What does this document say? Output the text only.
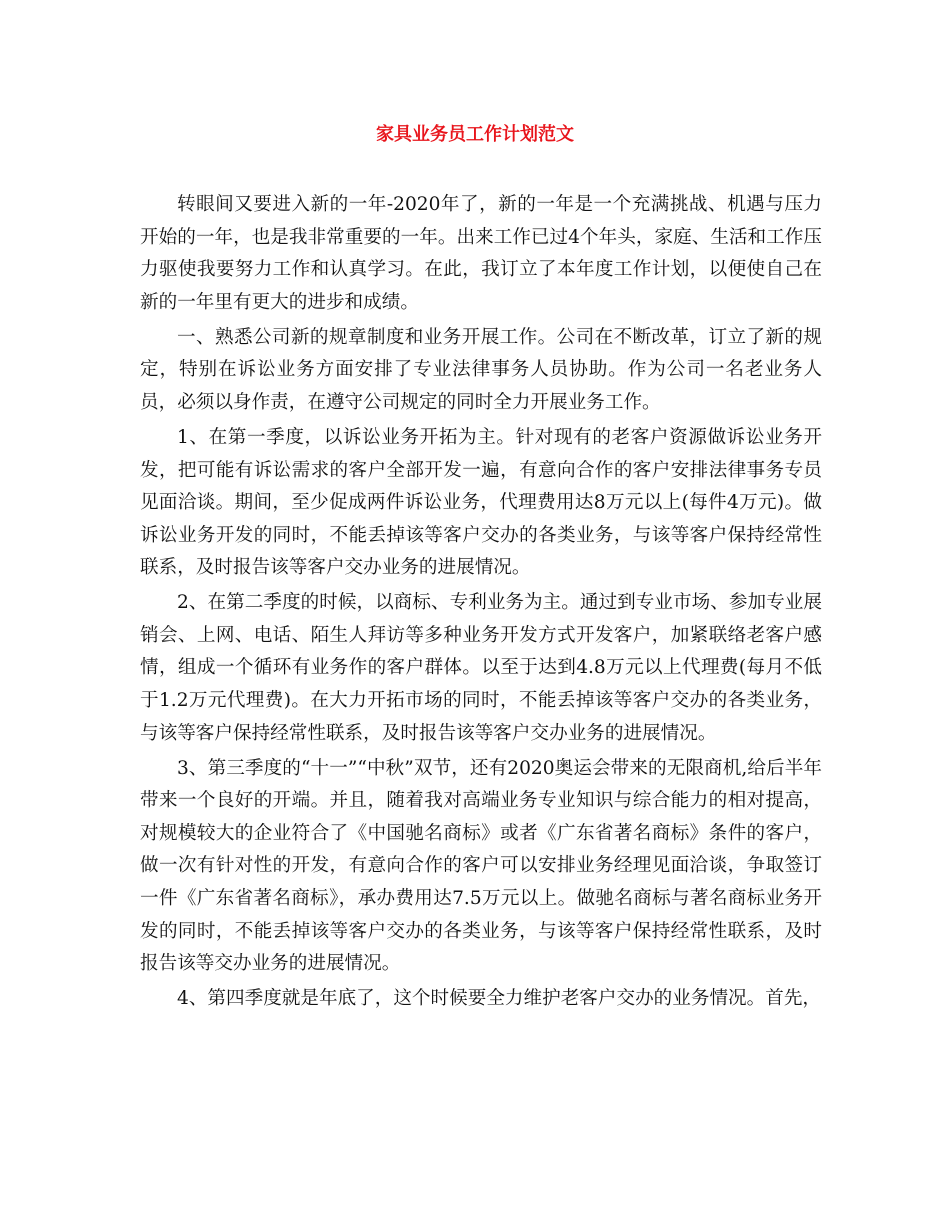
家具业务员工作计划范文

转眼间又要进入新的一年-2020年了，新的一年是一个充满挑战、机遇与压力开始的一年，也是我非常重要的一年。出来工作已过4个年头，家庭、生活和工作压力驱使我要努力工作和认真学习。在此，我订立了本年度工作计划，以便使自己在新的一年里有更大的进步和成绩。

一、熟悉公司新的规章制度和业务开展工作。公司在不断改革，订立了新的规定，特别在诉讼业务方面安排了专业法律事务人员协助。作为公司一名老业务人员，必须以身作责，在遵守公司规定的同时全力开展业务工作。

1、在第一季度，以诉讼业务开拓为主。针对现有的老客户资源做诉讼业务开发，把可能有诉讼需求的客户全部开发一遍，有意向合作的客户安排法律事务专员见面洽谈。期间，至少促成两件诉讼业务，代理费用达8万元以上(每件4万元)。做诉讼业务开发的同时，不能丢掉该等客户交办的各类业务，与该等客户保持经常性联系，及时报告该等客户交办业务的进展情况。

2、在第二季度的时候，以商标、专利业务为主。通过到专业市场、参加专业展销会、上网、电话、陌生人拜访等多种业务开发方式开发客户，加紧联络老客户感情，组成一个循环有业务作的客户群体。以至于达到4.8万元以上代理费(每月不低于1.2万元代理费)。在大力开拓市场的同时，不能丢掉该等客户交办的各类业务，与该等客户保持经常性联系，及时报告该等客户交办业务的进展情况。

3、第三季度的“十一”“中秋”双节，还有2020奥运会带来的无限商机,给后半年带来一个良好的开端。并且，随着我对高端业务专业知识与综合能力的相对提高，对规模较大的企业符合了《中国驰名商标》或者《广东省著名商标》条件的客户，做一次有针对性的开发，有意向合作的客户可以安排业务经理见面洽谈，争取签订一件《广东省著名商标》，承办费用达7.5万元以上。做驰名商标与著名商标业务开发的同时，不能丢掉该等客户交办的各类业务，与该等客户保持经常性联系，及时报告该等交办业务的进展情况。

4、第四季度就是年底了，这个时候要全力维护老客户交办的业务情况。首先，
